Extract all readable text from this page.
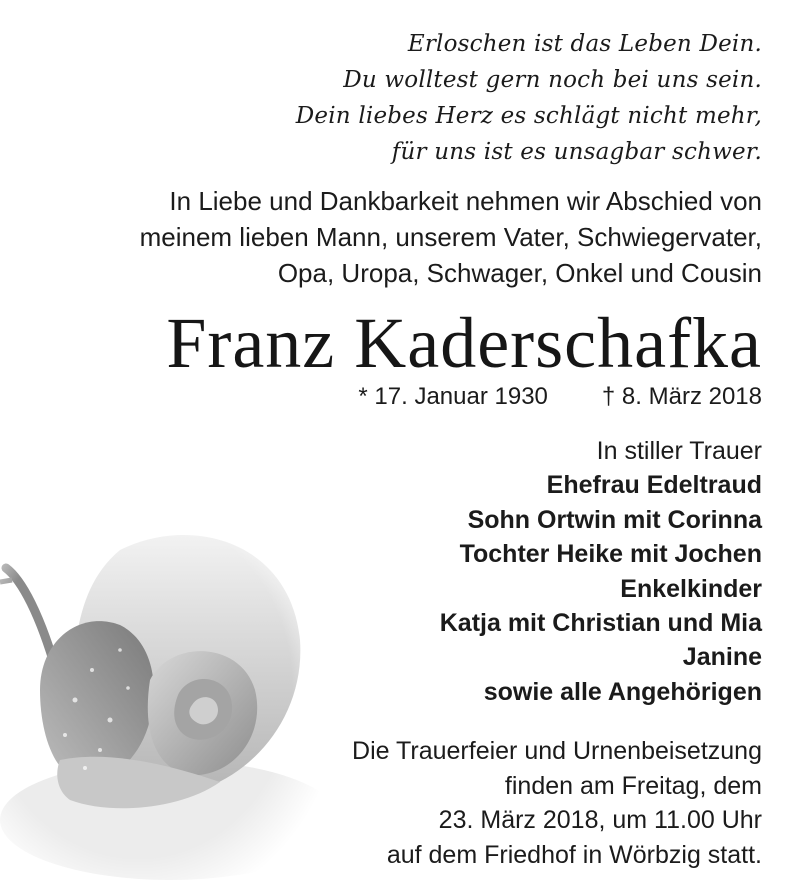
Erloschen ist das Leben Dein.
Du wolltest gern noch bei uns sein.
Dein liebes Herz es schlägt nicht mehr,
für uns ist es unsagbar schwer.
In Liebe und Dankbarkeit nehmen wir Abschied von
meinem lieben Mann, unserem Vater, Schwiegervater,
Opa, Uropa, Schwager, Onkel und Cousin
Franz Kaderschafka
* 17. Januar 1930 † 8. März 2018
In stiller Trauer
Ehefrau Edeltraud
Sohn Ortwin mit Corinna
Tochter Heike mit Jochen
Enkelkinder
Katja mit Christian und Mia
Janine
sowie alle Angehörigen
Die Trauerfeier und Urnenbeisetzung
finden am Freitag, dem
23. März 2018, um 11.00 Uhr
auf dem Friedhof in Wörbzig statt.
